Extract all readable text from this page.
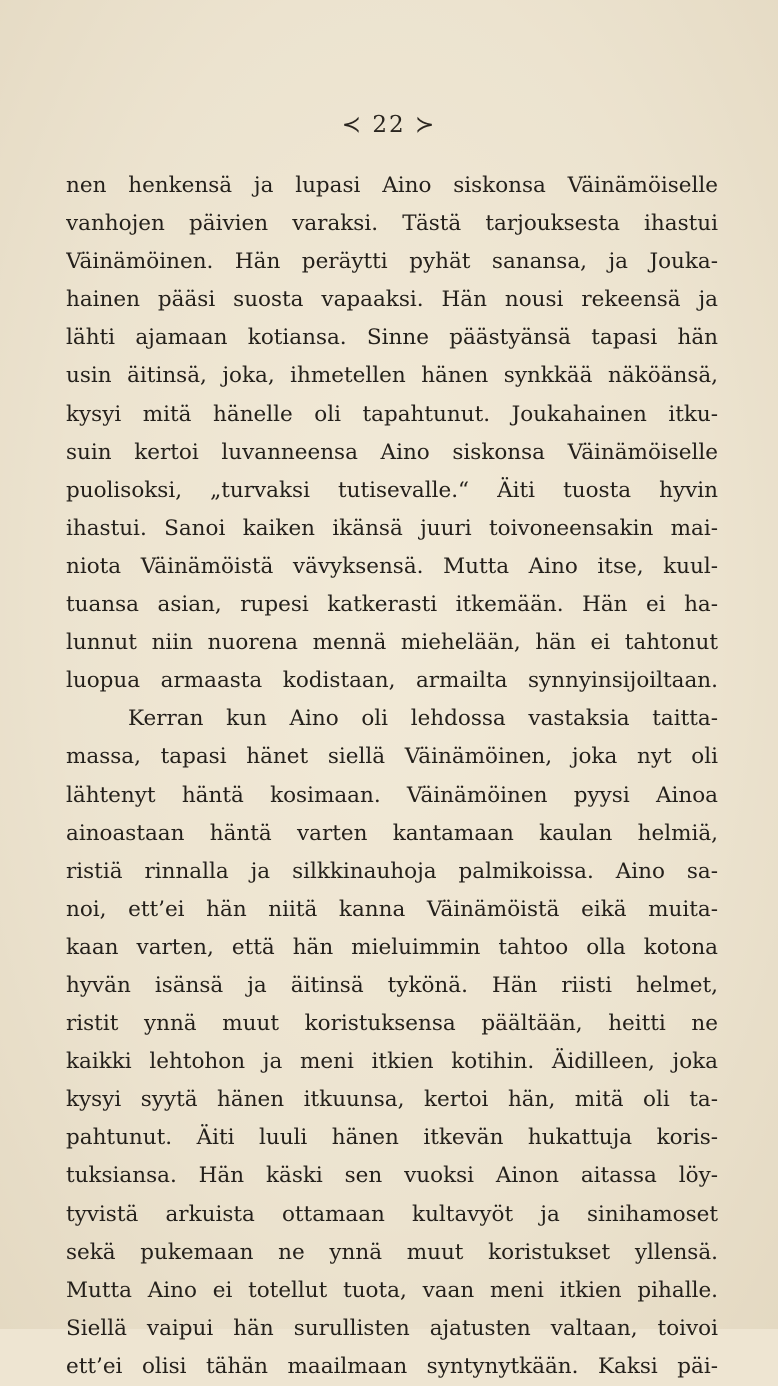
≺ 22 ≻
nen henkensä ja lupasi Aino siskonsa Väinämöiselle
vanhojen päivien varaksi. Tästä tarjouksesta ihastui
Väinämöinen. Hän peräytti pyhät sanansa, ja Jouka-
hainen pääsi suosta vapaaksi. Hän nousi rekeensä ja
lähti ajamaan kotiansa. Sinne päästyänsä tapasi hän
usin äitinsä, joka, ihmetellen hänen synkkää näköänsä,
kysyi mitä hänelle oli tapahtunut. Joukahainen itku-
suin kertoi luvanneensa Aino siskonsa Väinämöiselle
puolisoksi, „turvaksi tutisevalle.“ Äiti tuosta hyvin
ihastui. Sanoi kaiken ikänsä juuri toivoneensakin mai-
niota Väinämöistä vävyksensä. Mutta Aino itse, kuul-
tuansa asian, rupesi katkerasti itkemään. Hän ei ha-
lunnut niin nuorena mennä miehelään, hän ei tahtonut
luopua armaasta kodistaan, armailta synnyinsijoiltaan.
Kerran kun Aino oli lehdossa vastaksia taitta-
massa, tapasi hänet siellä Väinämöinen, joka nyt oli
lähtenyt häntä kosimaan. Väinämöinen pyysi Ainoa
ainoastaan häntä varten kantamaan kaulan helmiä,
ristiä rinnalla ja silkkinauhoja palmikoissa. Aino sa-
noi, ett’ei hän niitä kanna Väinämöistä eikä muita-
kaan varten, että hän mieluimmin tahtoo olla kotona
hyvän isänsä ja äitinsä tykönä. Hän riisti helmet,
ristit ynnä muut koristuksensa päältään, heitti ne
kaikki lehtohon ja meni itkien kotihin. Äidilleen, joka
kysyi syytä hänen itkuunsa, kertoi hän, mitä oli ta-
pahtunut. Äiti luuli hänen itkevän hukattuja koris-
tuksiansa. Hän käski sen vuoksi Ainon aitassa löy-
tyvistä arkuista ottamaan kultavyöt ja sinihamoset
sekä pukemaan ne ynnä muut koristukset yllensä.
Mutta Aino ei totellut tuota, vaan meni itkien pihalle.
Siellä vaipui hän surullisten ajatusten valtaan, toivoi
ett’ei olisi tähän maailmaan syntynytkään. Kaksi päi-
